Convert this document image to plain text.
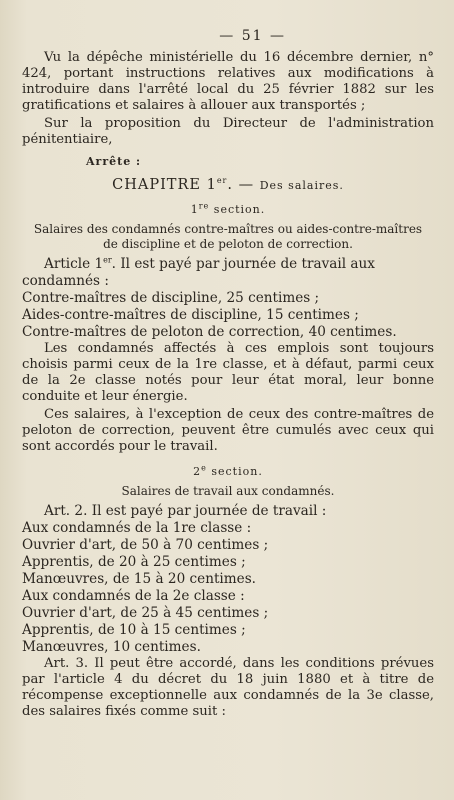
— 51 —

Vu la dépêche ministérielle du 16 décembre dernier, n° 424, portant instructions relatives aux modifications à introduire dans l'arrêté local du 25 février 1882 sur les gratifications et salaires à allouer aux transportés ;

Sur la proposition du Directeur de l'administration pénitentiaire,

Arrête :
CHAPITRE 1er. — Des salaires.
1re section.
Salaires des condamnés contre-maîtres ou aides-contre-maîtres de discipline et de peloton de correction.

Article 1er. Il est payé par journée de travail aux condamnés :

Contre-maîtres de discipline, 25 centimes ;

Aides-contre-maîtres de discipline, 15 centimes ;

Contre-maîtres de peloton de correction, 40 centimes.

Les condamnés affectés à ces emplois sont toujours choisis parmi ceux de la 1re classe, et à défaut, parmi ceux de la 2e classe notés pour leur état moral, leur bonne conduite et leur énergie.

Ces salaires, à l'exception de ceux des contre-maîtres de peloton de correction, peuvent être cumulés avec ceux qui sont accordés pour le travail.

2e section.
Salaires de travail aux condamnés.

Art. 2. Il est payé par journée de travail :

Aux condamnés de la 1re classe :

Ouvrier d'art, de 50 à 70 centimes ;

Apprentis, de 20 à 25 centimes ;

Manœuvres, de 15 à 20 centimes.

Aux condamnés de la 2e classe :

Ouvrier d'art, de 25 à 45 centimes ;

Apprentis, de 10 à 15 centimes ;

Manœuvres, 10 centimes.

Art. 3. Il peut être accordé, dans les conditions prévues par l'article 4 du décret du 18 juin 1880 et à titre de récompense exceptionnelle aux condamnés de la 3e classe, des salaires fixés comme suit :
